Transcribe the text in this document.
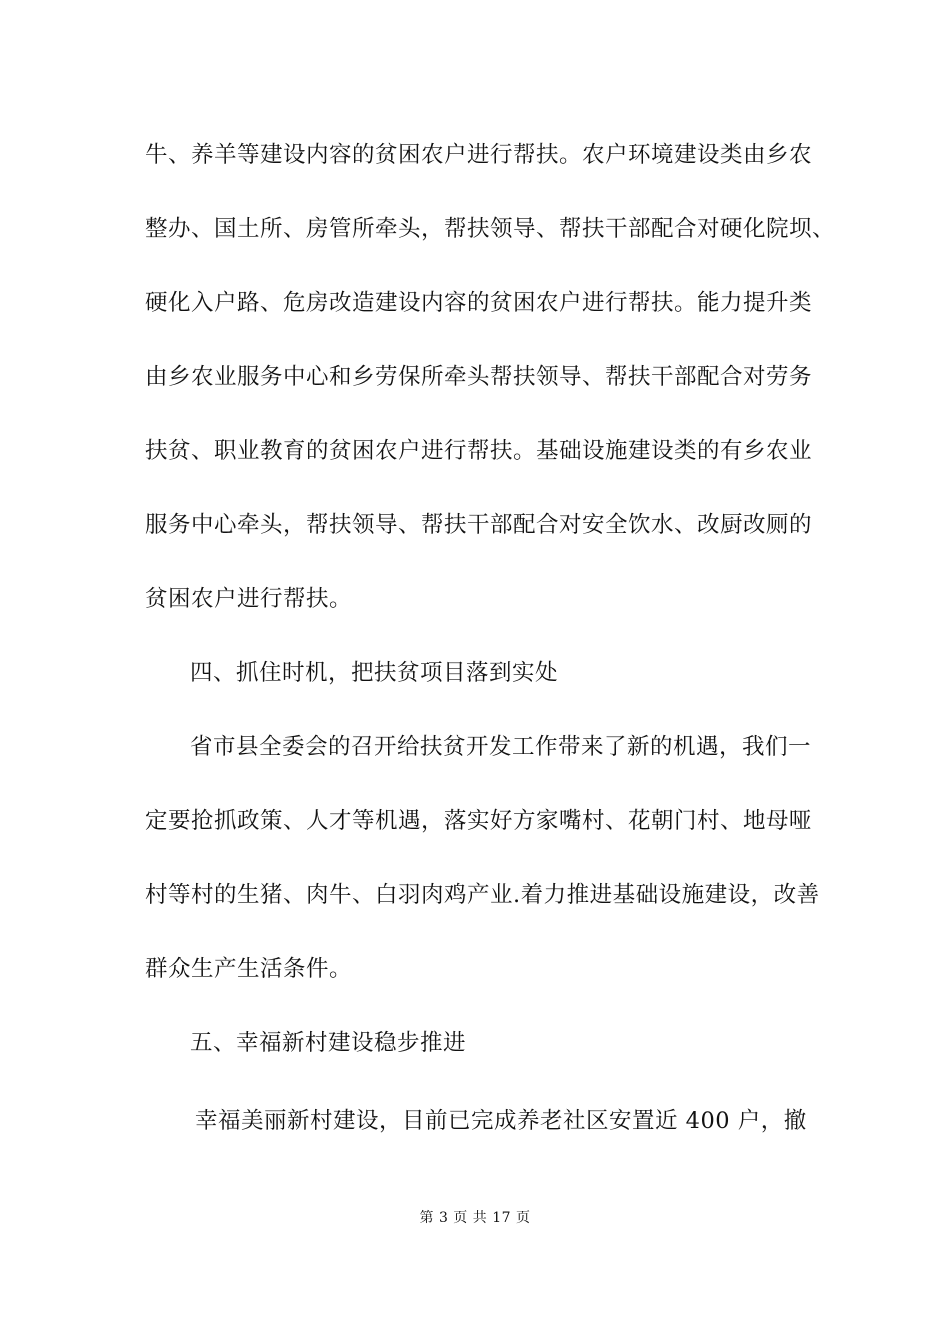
牛、养羊等建设内容的贫困农户进行帮扶。农户环境建设类由乡农
整办、国土所、房管所牵头，帮扶领导、帮扶干部配合对硬化院坝、
硬化入户路、危房改造建设内容的贫困农户进行帮扶。能力提升类
由乡农业服务中心和乡劳保所牵头帮扶领导、帮扶干部配合对劳务
扶贫、职业教育的贫困农户进行帮扶。基础设施建设类的有乡农业
服务中心牵头，帮扶领导、帮扶干部配合对安全饮水、改厨改厕的
贫困农户进行帮扶。
四、抓住时机，把扶贫项目落到实处
省市县全委会的召开给扶贫开发工作带来了新的机遇，我们一
定要抢抓政策、人才等机遇，落实好方家嘴村、花朝门村、地母哑
村等村的生猪、肉牛、白羽肉鸡产业.着力推进基础设施建设，改善
群众生产生活条件。
五、幸福新村建设稳步推进
幸福美丽新村建设，目前已完成养老社区安置近 400 户，撤
第 3 页 共 17 页
